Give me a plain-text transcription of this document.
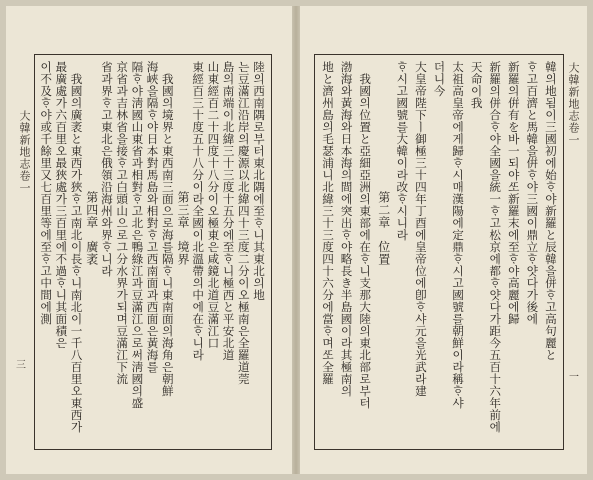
大韓新地志卷一
三
陸의西南隅로부터東北隅에至ᄒᆞ니其東北의地
는豆滿江沿岸의慶源以北緯四十三度二分이오極南은全羅道莞
島의南端이北緯三十三度十五分에至ᄒᆞ니極西と平安北道
山東經百二十四度十八分이오極東은咸鏡北道豆滿江口
東經百三十度五十八分이라全國이北溫帶의中에在ᄒᆞ니라
第三章　境界
我國의境界と東西南三面으로海를隔ᄒᆞ니東南面의海角은朝鮮
海峽을隔ᄒᆞ야日本對馬島와相對ᄒᆞ고西南面과西面은黃海를
隔ᄒᆞ야淸國山東省과相對ᄒᆞ고北은鴨綠江과豆滿江으로써淸國의盛
京省과吉林省을接ᄒᆞ고白頭山으로그分水界가되며豆滿江下流
省과界ᄒᆞ고東北은俄領沿海州와界ᄒᆞ니라
第四章　廣袤
我國의廣袤と東西가狹ᄒᆞ고南北이長ᄒᆞ니南北이一千八百里오東西가
最廣處가六百里오最狹處가三百里에不過ᄒᆞ니其面積은
이不及ᄒᆞ야或千餘里又七百里等에至ᄒᆞ고中間에測	大韓新地志卷一
一
韓의地됨이三國初에始ᄒᆞ야新羅と辰韓을併ᄒᆞ고高句麗と
ᄒᆞ고百濟と馬韓을倂ᄒᆞ야三國이鼎立ᄒᆞ얏다가後에
新羅의倂有を바一되야ᄯᅩ新羅末에至ᄒᆞ야高麗에歸
新羅의併合ᄒᆞ야全國을統一ᄒᆞ고松京에都ᄒᆞ얏다가距今五百十六年前에
天命이我
太祖高皇帝에게歸ᄒᆞ시매漢陽에定鼎ᄒᆞ시고國號를朝鮮이라稱ᄒᆞ샤
더니今
大皇帝陛下ㅣ御極三十四年丁酉에皇帝位에卽ᄒᆞ샤元을光武라建
ᄒᆞ시고國號를大韓이라改ᄒᆞ시니라
第二章　位置
我國의位置と亞細亞洲의東部에在ᄒᆞ니支那大陸의東北部로부터
渤海와黃海와日本海의間에突出ᄒᆞ야略長き半島國이라其極南의
地と濟州島의毛瑟浦니北緯三十三度四十六分에當ᄒᆞ며ᄯᅩ全羅
